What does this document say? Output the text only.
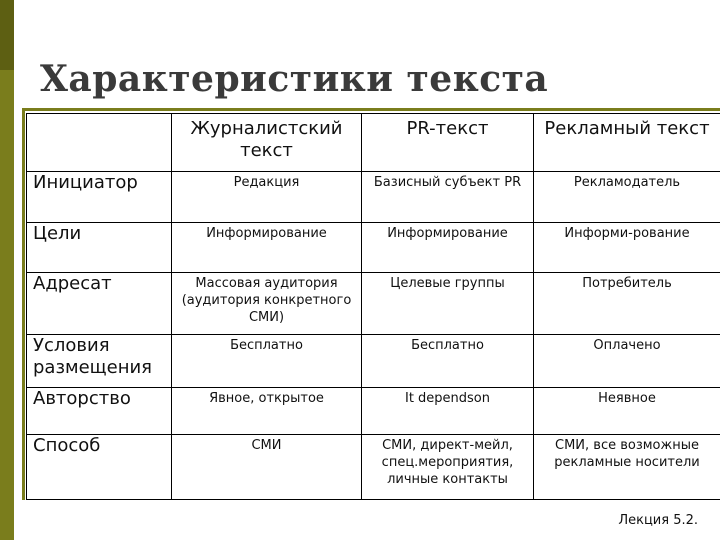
Характеристики текста
	Журналистский текст	PR-текст	Рекламный текст
Инициатор	Редакция	Базисный субъект PR	Рекламодатель

Цели	Информирование	Информирование	Информи-рование

Адресат	Массовая аудитория (аудитория конкретного СМИ)	Целевые группы	Потребитель

Условия размещения	Бесплатно	Бесплатно	Оплачено

Авторство	Явное, открытое	It dependson	Неявное

Способ	СМИ	СМИ, директ-мейл, спец.мероприятия, личные контакты	СМИ, все возможные рекламные носители
Лекция 5.2.
